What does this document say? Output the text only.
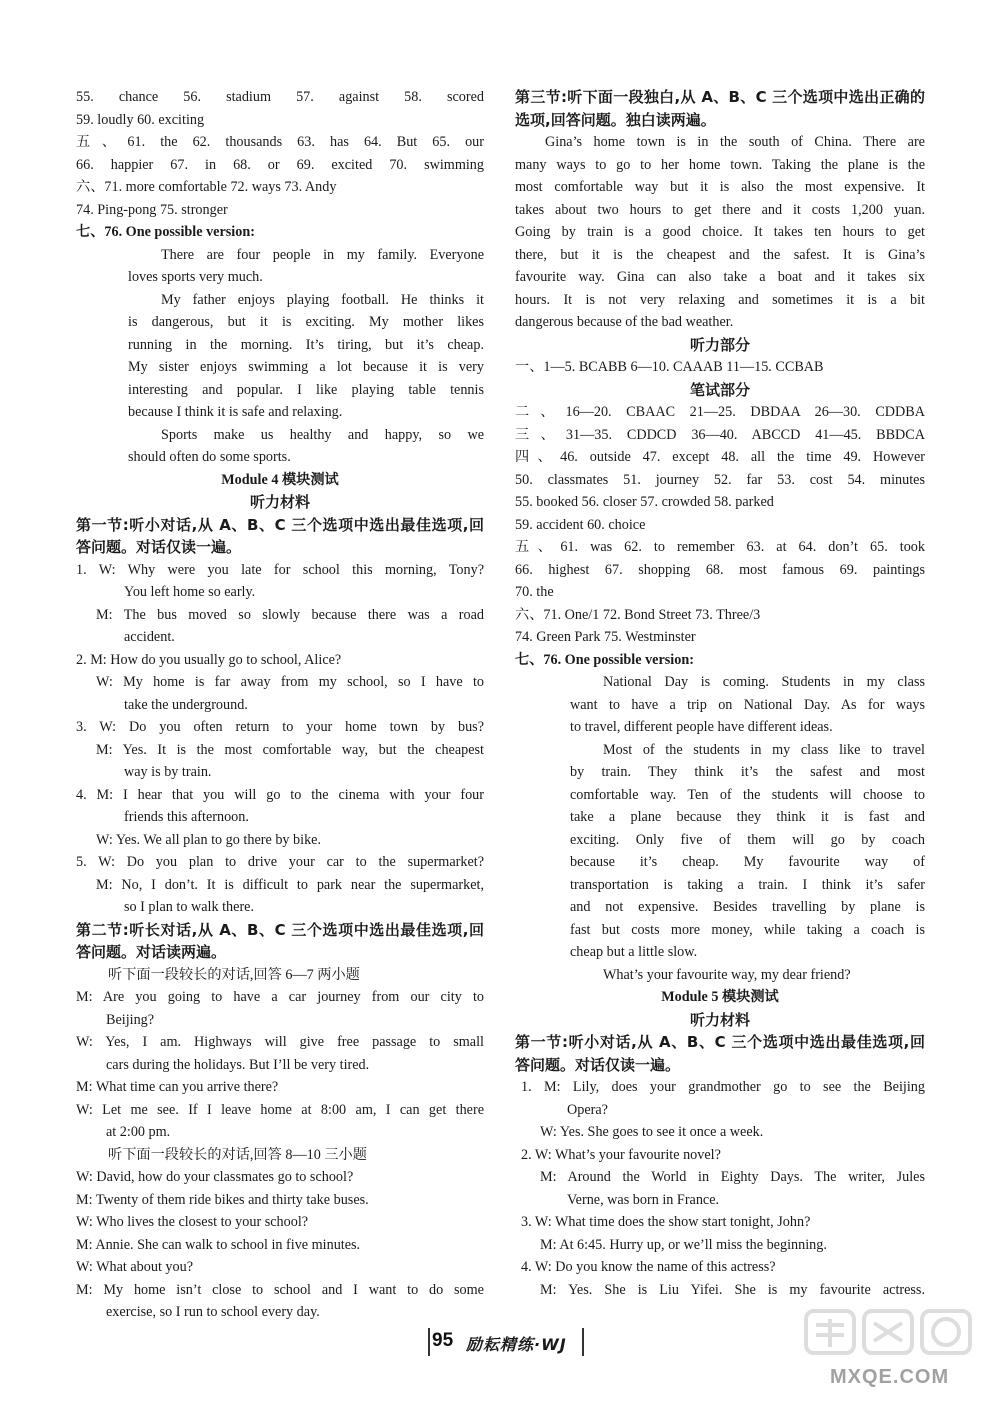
55. chance 56. stadium 57. against 58. scored
59. loudly 60. exciting
五、61. the 62. thousands 63. has 64. But 65. our
66. happier 67. in 68. or 69. excited 70. swimming
六、71. more comfortable 72. ways 73. Andy
74. Ping-pong 75. stronger
七、76. One possible version:
There are four people in my family. Everyone
loves sports very much.
My father enjoys playing football. He thinks it
is dangerous, but it is exciting. My mother likes
running in the morning. It’s tiring, but it’s cheap.
My sister enjoys swimming a lot because it is very
interesting and popular. I like playing table tennis
because I think it is safe and relaxing.
Sports make us healthy and happy, so we
should often do some sports.
Module 4 模块测试
听力材料
第一节:听小对话,从 A、B、C 三个选项中选出最佳选项,回
答问题。对话仅读一遍。
1. W: Why were you late for school this morning, Tony?
You left home so early.
M: The bus moved so slowly because there was a road
accident.
2. M: How do you usually go to school, Alice?
W: My home is far away from my school, so I have to
take the underground.
3. W: Do you often return to your home town by bus?
M: Yes. It is the most comfortable way, but the cheapest
way is by train.
4. M: I hear that you will go to the cinema with your four
friends this afternoon.
W: Yes. We all plan to go there by bike.
5. W: Do you plan to drive your car to the supermarket?
M: No, I don’t. It is difficult to park near the supermarket,
so I plan to walk there.
第二节:听长对话,从 A、B、C 三个选项中选出最佳选项,回
答问题。对话读两遍。
听下面一段较长的对话,回答 6—7 两小题
M: Are you going to have a car journey from our city to
Beijing?
W: Yes, I am. Highways will give free passage to small
cars during the holidays. But I’ll be very tired.
M: What time can you arrive there?
W: Let me see. If I leave home at 8:00 am, I can get there
at 2:00 pm.
听下面一段较长的对话,回答 8—10 三小题
W: David, how do your classmates go to school?
M: Twenty of them ride bikes and thirty take buses.
W: Who lives the closest to your school?
M: Annie. She can walk to school in five minutes.
W: What about you?
M: My home isn’t close to school and I want to do some
exercise, so I run to school every day.
第三节:听下面一段独白,从 A、B、C 三个选项中选出正确的
选项,回答问题。独白读两遍。
Gina’s home town is in the south of China. There are
many ways to go to her home town. Taking the plane is the
most comfortable way but it is also the most expensive. It
takes about two hours to get there and it costs 1,200 yuan.
Going by train is a good choice. It takes ten hours to get
there, but it is the cheapest and the safest. It is Gina’s
favourite way. Gina can also take a boat and it takes six
hours. It is not very relaxing and sometimes it is a bit
dangerous because of the bad weather.
听力部分
一、1—5. BCABB 6—10. CAAAB 11—15. CCBAB
笔试部分
二、16—20. CBAAC 21—25. DBDAA 26—30. CDDBA
三、31—35. CDDCD 36—40. ABCCD 41—45. BBDCA
四、46. outside 47. except 48. all the time 49. However
50. classmates 51. journey 52. far 53. cost 54. minutes
55. booked 56. closer 57. crowded 58. parked
59. accident 60. choice
五、61. was 62. to remember 63. at 64. don’t 65. took
66. highest 67. shopping 68. most famous 69. paintings
70. the
六、71. One/1 72. Bond Street 73. Three/3
74. Green Park 75. Westminster
七、76. One possible version:
National Day is coming. Students in my class
want to have a trip on National Day. As for ways
to travel, different people have different ideas.
Most of the students in my class like to travel
by train. They think it’s the safest and most
comfortable way. Ten of the students will choose to
take a plane because they think it is fast and
exciting. Only five of them will go by coach
because it’s cheap. My favourite way of
transportation is taking a train. I think it’s safer
and not expensive. Besides travelling by plane is
fast but costs more money, while taking a coach is
cheap but a little slow.
What’s your favourite way, my dear friend?
Module 5 模块测试
听力材料
第一节:听小对话,从 A、B、C 三个选项中选出最佳选项,回
答问题。对话仅读一遍。
1. M: Lily, does your grandmother go to see the Beijing
Opera?
W: Yes. She goes to see it once a week.
2. W: What’s your favourite novel?
M: Around the World in Eighty Days. The writer, Jules
Verne, was born in France.
3. W: What time does the show start tonight, John?
M: At 6:45. Hurry up, or we’ll miss the beginning.
4. W: Do you know the name of this actress?
M: Yes. She is Liu Yifei. She is my favourite actress.
95 励耘精练·WJ
MXQE.COM
